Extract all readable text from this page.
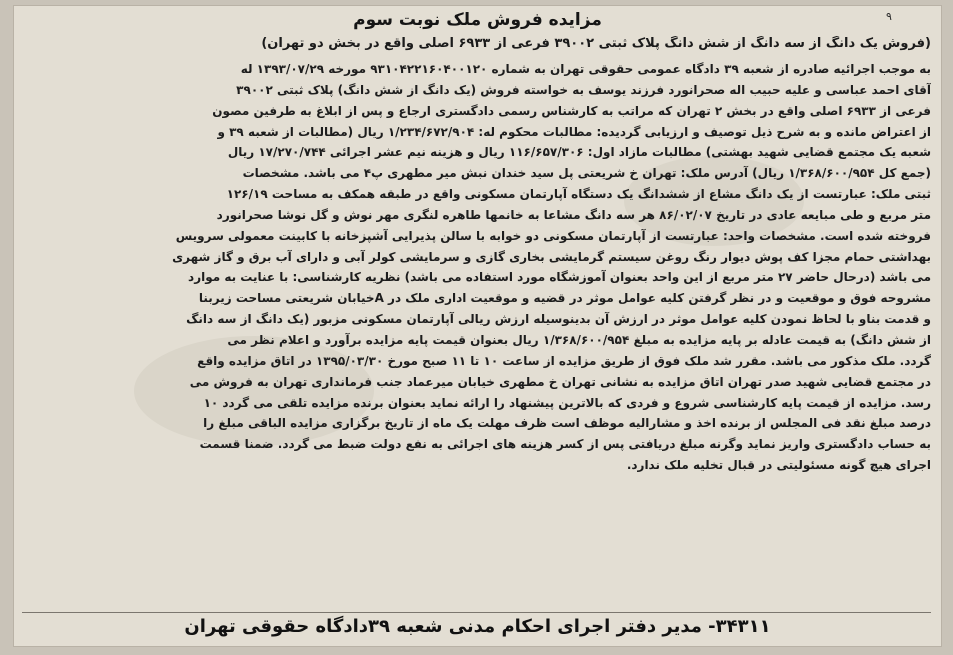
۹
مزایده فروش ملک نوبت سوم
(فروش یک دانگ از سه دانگ از شش دانگ پلاک ثبتی ۳۹۰۰۲ فرعی از ۶۹۳۳ اصلی واقع در بخش دو تهران)
به موجب اجرائیه صادره از شعبه ۳۹ دادگاه عمومی حقوقی تهران به شماره ۹۳۱۰۴۲۲۱۶۰۴۰۰۱۲۰ مورخه ۱۳۹۳/۰۷/۲۹ له
آقای احمد عباسی و علیه حبیب اله صحرانورد فرزند یوسف به خواسته فروش (یک دانگ از شش دانگ) پلاک ثبتی ۳۹۰۰۲
فرعی از ۶۹۳۳ اصلی واقع در بخش ۲ تهران که مراتب به کارشناس رسمی دادگستری ارجاع و پس از ابلاغ به طرفین مصون
از اعتراض مانده و به شرح ذیل توصیف و ارزیابی گردیده: مطالبات محکوم له: ۱/۲۳۴/۶۷۲/۹۰۴ ریال (مطالبات از شعبه ۳۹ و
شعبه یک مجتمع قضایی شهید بهشتی) مطالبات مازاد اول: ۱۱۶/۶۵۷/۳۰۶ ریال و هزینه نیم عشر اجرائی ۱۷/۲۷۰/۷۴۴ ریال
(جمع کل ۱/۳۶۸/۶۰۰/۹۵۴ ریال) آدرس ملک: تهران خ شریعتی پل سید خندان نبش میر مطهری پ۴ می باشد. مشخصات
ثبتی ملک: عبارتست از یک دانگ مشاع از ششدانگ یک دستگاه آپارتمان مسکونی واقع در طبقه همکف به مساحت ۱۲۶/۱۹
متر مربع و طی مبایعه عادی در تاریخ ۸۶/۰۲/۰۷ هر سه دانگ مشاعا به خانمها طاهره لنگری مهر نوش و گل نوشا صحرانورد
فروخته شده است. مشخصات واحد: عبارتست از آپارتمان مسکونی دو خوابه با سالن پذیرایی آشپزخانه با کابینت معمولی سرویس
بهداشتی حمام مجزا کف پوش دیوار رنگ روغن سیستم گرمایشی بخاری گازی و سرمایشی کولر آبی و دارای آب برق و گاز شهری
می باشد (درحال حاضر ۲۷ متر مربع از این واحد بعنوان آموزشگاه مورد استفاده می باشد) نظریه کارشناسی: با عنایت به موارد
مشروحه فوق و موقعیت و در نظر گرفتن کلیه عوامل موثر در قضیه و موقعیت اداری ملک در Aخیابان شریعتی مساحت زیربنا
و قدمت بناو با لحاظ نمودن کلیه عوامل موثر در ارزش آن بدینوسیله ارزش ریالی آپارتمان مسکونی مزبور (یک دانگ از سه دانگ
از شش دانگ) به قیمت عادله بر پایه مزایده به مبلغ ۱/۳۶۸/۶۰۰/۹۵۴ ریال بعنوان قیمت پایه مزایده برآورد و اعلام نظر می
گردد. ملک مذکور می باشد. مقرر شد ملک فوق از طریق مزایده از ساعت ۱۰ تا ۱۱ صبح مورخ ۱۳۹۵/۰۳/۳۰ در اتاق مزایده واقع
در مجتمع قضایی شهید صدر تهران اتاق مزایده به نشانی تهران خ مطهری خیابان میرعماد جنب فرمانداری تهران به فروش می
رسد. مزایده از قیمت پایه کارشناسی شروع و فردی که بالاترین پیشنهاد را ارائه نماید بعنوان برنده مزایده تلقی می گردد ۱۰
درصد مبلغ نقد فی المجلس از برنده اخذ و مشارالیه موظف است ظرف مهلت یک ماه از تاریخ برگزاری مزایده الباقی مبلغ را
به حساب دادگستری واریز نماید وگرنه مبلغ دریافتی پس از کسر هزینه های اجرائی به نفع دولت ضبط می گردد. ضمنا قسمت
اجرای هیچ گونه مسئولیتی در قبال تخلیه ملک ندارد.
۳۴۳۱۱- مدیر دفتر اجرای احکام مدنی شعبه ۳۹دادگاه حقوقی تهران
